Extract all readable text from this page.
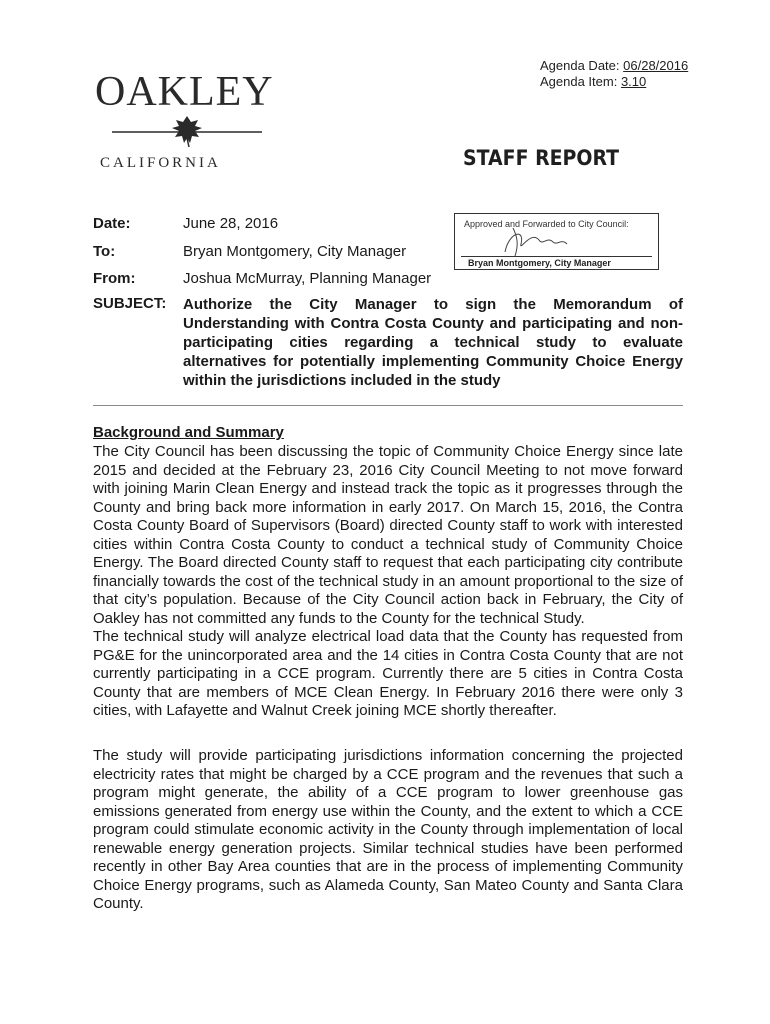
Agenda Date: 06/28/2016
Agenda Item: 3.10
OAKLEY
CALIFORNIA	STAFF REPORT
Date:	June 28, 2016
To:	Bryan Montgomery, City Manager
From:	Joshua McMurray, Planning Manager
SUBJECT: Authorize the City Manager to sign the Memorandum of Understanding with Contra Costa County and participating and non-participating cities regarding a technical study to evaluate alternatives for potentially implementing Community Choice Energy within the jurisdictions included in the study
Approved and Forwarded to City Council:
Bryan Montgomery, City Manager
Background and Summary
The City Council has been discussing the topic of Community Choice Energy since late 2015 and decided at the February 23, 2016 City Council Meeting to not move forward with joining Marin Clean Energy and instead track the topic as it progresses through the County and bring back more information in early 2017. On March 15, 2016, the Contra Costa County Board of Supervisors (Board) directed County staff to work with interested cities within Contra Costa County to conduct a technical study of Community Choice Energy. The Board directed County staff to request that each participating city contribute financially towards the cost of the technical study in an amount proportional to the size of that city’s population. Because of the City Council action back in February, the City of Oakley has not committed any funds to the County for the technical Study.
The technical study will analyze electrical load data that the County has requested from PG&E for the unincorporated area and the 14 cities in Contra Costa County that are not currently participating in a CCE program. Currently there are 5 cities in Contra Costa County that are members of MCE Clean Energy. In February 2016 there were only 3 cities, with Lafayette and Walnut Creek joining MCE shortly thereafter.
The study will provide participating jurisdictions information concerning the projected electricity rates that might be charged by a CCE program and the revenues that such a program might generate, the ability of a CCE program to lower greenhouse gas emissions generated from energy use within the County, and the extent to which a CCE program could stimulate economic activity in the County through implementation of local renewable energy generation projects. Similar technical studies have been performed recently in other Bay Area counties that are in the process of implementing Community Choice Energy programs, such as Alameda County, San Mateo County and Santa Clara County.
